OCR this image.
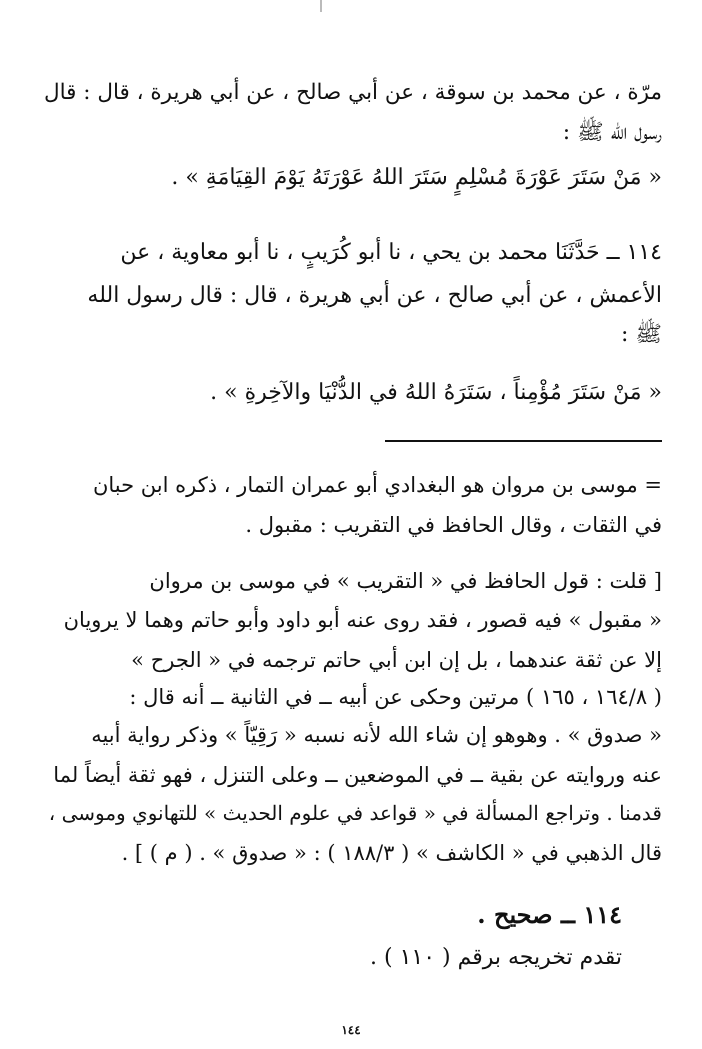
مرّة ، عن محمد بن سوقة ، عن أبي صالح ، عن أبي هريرة ، قال : قال
رسول الله ﷺ :
« مَنْ سَتَرَ عَوْرَةَ مُسْلِمٍ سَتَرَ اللهُ عَوْرَتَهُ يَوْمَ القِيَامَةِ » .
١١٤ ــ حَدَّثَنَا محمد بن يحي ، نا أبو كُرَيبٍ ، نا أبو معاوية ، عن
الأعمش ، عن أبي صالح ، عن أبي هريرة ، قال : قال رسول الله
ﷺ :
« مَنْ سَتَرَ مُؤْمِناً ، سَتَرَهُ اللهُ في الدُّنْيَا والآخِرةِ » .
= موسى بن مروان هو البغدادي أبو عمران التمار ، ذكره ابن حبان
في الثقات ، وقال الحافظ في التقريب : مقبول .
[ قلت : قول الحافظ في « التقريب » في موسى بن مروان
« مقبول » فيه قصور ، فقد روى عنه أبو داود وأبو حاتم وهما لا يرويان
إلا عن ثقة عندهما ، بل إن ابن أبي حاتم ترجمه في « الجرح »
( ١٦٤/٨ ، ١٦٥ ) مرتين وحكى عن أبيه ــ في الثانية ــ أنه قال :
« صدوق » . وهوهو إن شاء الله لأنه نسبه « رَقِيّاً » وذكر رواية أبيه
عنه وروايته عن بقية ــ في الموضعين ــ وعلى التنزل ، فهو ثقة أيضاً لما
قدمنا . وتراجع المسألة في « قواعد في علوم الحديث » للتهانوي وموسى ،
قال الذهبي في « الكاشف » ( ١٨٨/٣ ) : « صدوق » . ( م ) ] .
١١٤ ــ صحيح .
تقدم تخريجه برقم ( ١١٠ ) .
١٤٤
